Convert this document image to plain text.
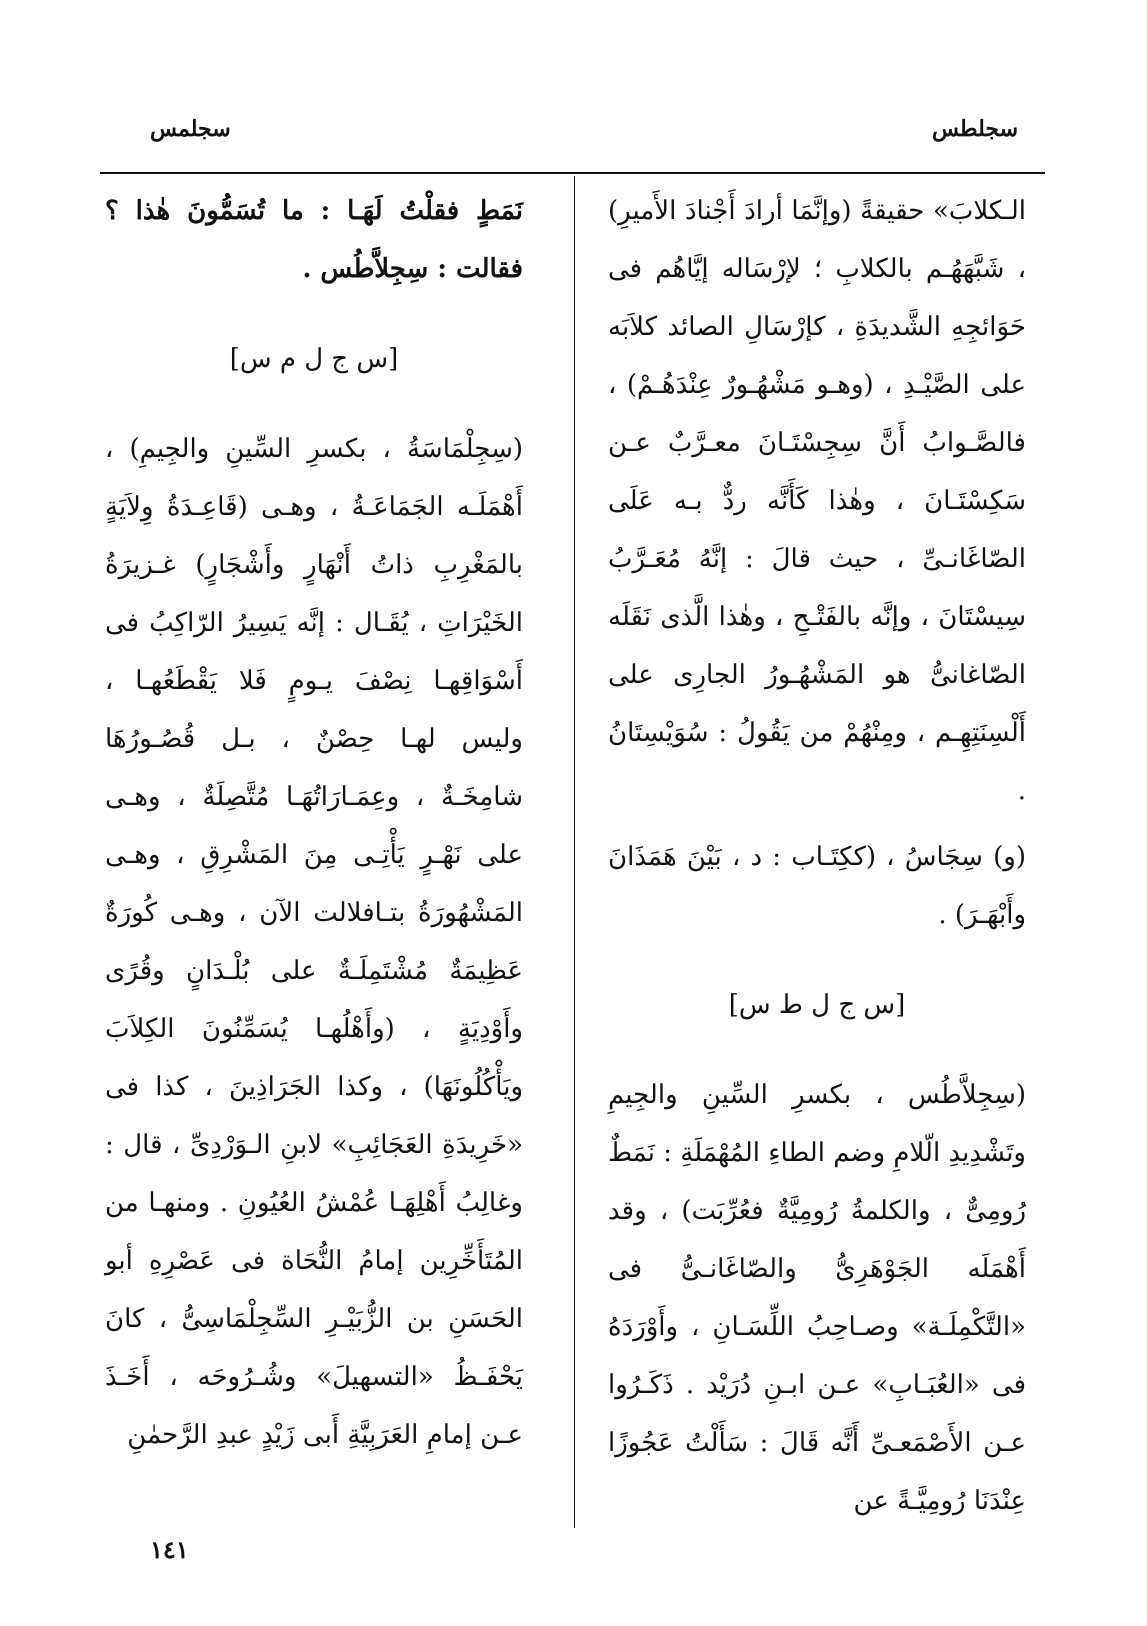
سجلمس	سجلطس

الـكلابَ» حقيقةً (وإنَّمَا أرادَ أَجْنادَ الأَميرِ) ، شَبَّهَهُـم بالكلابِ ؛ لإرْسَاله إيَّاهُم فى حَوَائجِهِ الشَّديدَةِ ، كإرْسَالِ الصائد كلاَبَه على الصَّيْـدِ ، (وهـو مَشْهُـورٌ عِنْدَهُـمْ) ، فالصَّـوابُ أَنَّ سِجِسْتَـانَ معـرَّبٌ عـن سَكِسْتَـانَ ، وهٰذا كَأَنَّه ردٌّ بـه عَلَى الصّاغَانـىِّ ، حيث قالَ : إنَّهُ مُعَـرَّبُ سِيسْتَانَ ، وإنَّه بالفَتْـحِ ، وهٰذا الَّذى نَقَلَه الصّاغانىُّ هو المَشْهُـورُ الجارِى على أَلْسِنَتِهِـم ، ومِنْهُمْ من يَقُولُ : سُوَيْسِتَانُ .

(و) سِجَاسُ ، (ككِتَـاب : د ، بَيْنَ هَمَذَانَ وأَبْهَـرَ) .

[س ج ل ط س]

(سِجِلاَّطُس ، بكسرِ السِّينِ والجِيمِ وتَشْدِيدِ الّلامِ وضم الطاءِ المُهْمَلَةِ : نَمَطٌ رُومِىٌّ ، والكلمةُ رُومِيَّةٌ فعُرِّبَت) ، وقد أَهْمَلَه الجَوْهَرِىُّ والصّاغَانـىُّ فى «التَّكْمِلَـة» وصـاحِبُ اللِّسَـانِ ، وأَوْرَدَهُ فى «العُبَـابِ» عـن ابـنِ دُرَيْد . ذَكَـرُوا عـن الأَصْمَعـىِّ أَنَّه قَالَ : سَأَلْتُ عَجُوزًا عِنْدَنَا رُومِيَّـةً عن

نَمَطٍ فقلْتُ لَهَـا : ما تُسَمُّونَ هٰذا ؟ فقالت : سِجِلاَّطُس .

[س ج ل م س]

(سِجِلْمَاسَةُ ، بكسرِ السِّينِ والجِيمِ) ، أَهْمَلَـه الجَمَاعَـةُ ، وهـى (قَاعِـدَةُ وِلاَيَةٍ بالمَغْرِبِ ذاتُ أَنْهَارٍ وأَشْجَارٍ) غـزيرَةُ الخَيْرَاتِ ، يُقَـال : إنَّه يَسِيرُ الرّاكِبُ فى أَسْوَاقِهـا نِصْفَ يـومٍ فَلا يَقْطَعُهـا ، وليس لهـا حِصْنٌ ، بـل قُصُـورُهَا شامِخَـةٌ ، وعِمَـارَاتُهَـا مُتَّصِلَةٌ ، وهـى على نَهْـرٍ يَأْتِـى مِنَ المَشْرِقِ ، وهـى المَشْهُورَةُ بتـافلالت الآن ، وهـى كُورَةٌ عَظِيمَةٌ مُشْتَمِلَـةٌ على بُلْـدَانٍ وقُرًى وأَوْدِيَةٍ ، (وأَهْلُهـا يُسَمِّنُونَ الكِلاَبَ ويَأْكُلُونَهَا) ، وكذا الجَرَاذِينَ ، كذا فى «خَرِيدَةِ العَجَائِبِ» لابنِ الـوَرْدِىِّ ، قال : وغالِبُ أَهْلِهَـا عُمْشُ العُيُونِ . ومنهـا من المُتَأَخِّرِين إمامُ النُّحَاة فى عَصْرِهِ أبو الحَسَنِ بن الزُّبَيْـرِ السِّجِلْمَاسِىُّ ، كانَ يَحْفَـظُ «التسهيلَ» وشُـرُوحَه ، أَخَـذَ عـن إمامِ العَرَبِيَّةِ أَبى زَيْدٍ عبدِ الرَّحمٰنِ

١٤١
